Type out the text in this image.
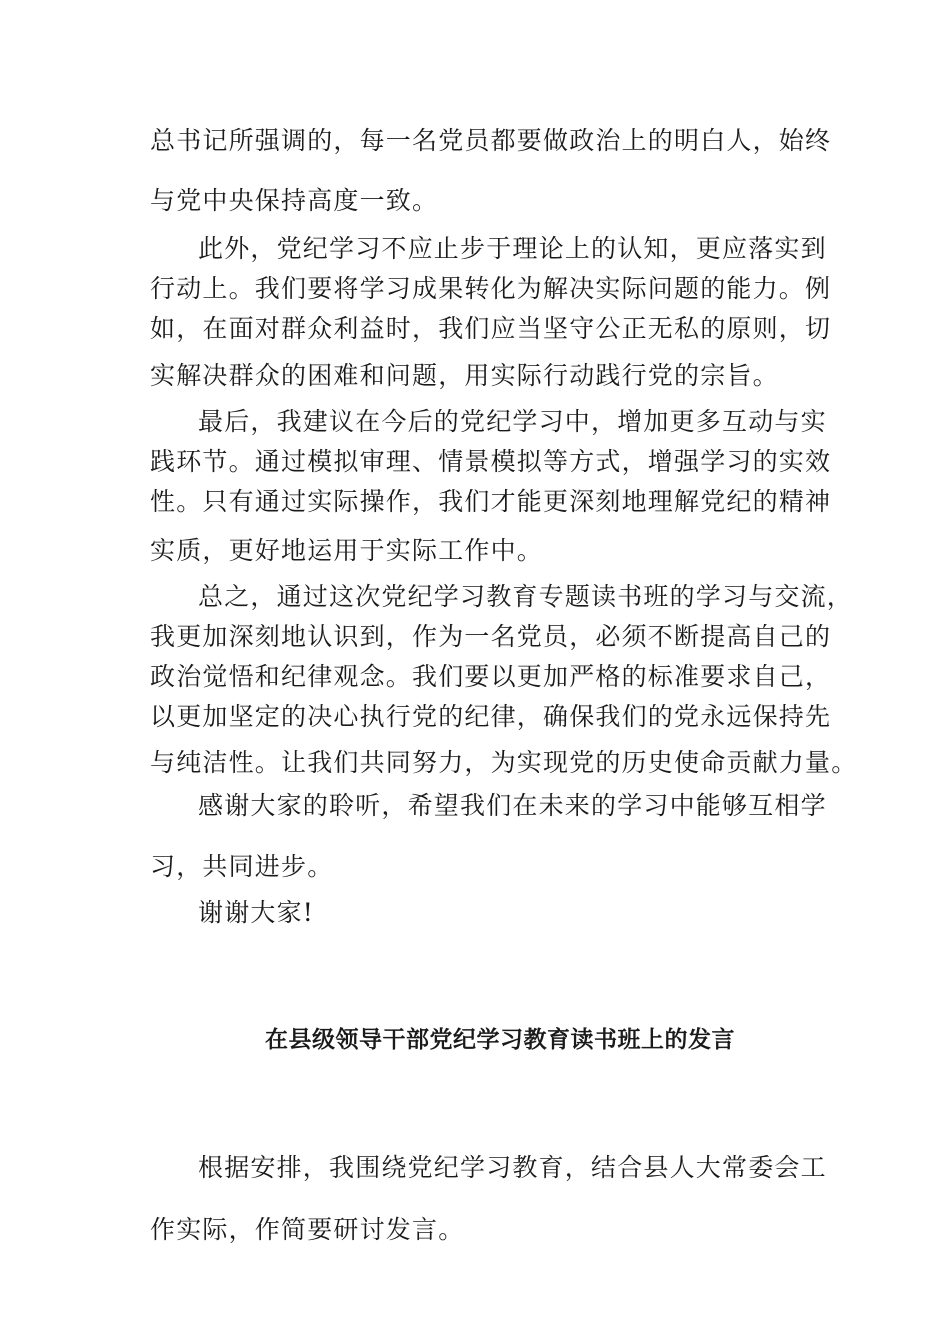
总书记所强调的，每一名党员都要做政治上的明白人，始终
与党中央保持高度一致。
此外，党纪学习不应止步于理论上的认知，更应落实到
行动上。我们要将学习成果转化为解决实际问题的能力。例
如，在面对群众利益时，我们应当坚守公正无私的原则，切
实解决群众的困难和问题，用实际行动践行党的宗旨。
最后，我建议在今后的党纪学习中，增加更多互动与实
践环节。通过模拟审理、情景模拟等方式，增强学习的实效
性。只有通过实际操作，我们才能更深刻地理解党纪的精神
实质，更好地运用于实际工作中。
总之，通过这次党纪学习教育专题读书班的学习与交流，
我更加深刻地认识到，作为一名党员，必须不断提高自己的
政治觉悟和纪律观念。我们要以更加严格的标准要求自己，
以更加坚定的决心执行党的纪律，确保我们的党永远保持先
与纯洁性。让我们共同努力，为实现党的历史使命贡献力量。
感谢大家的聆听，希望我们在未来的学习中能够互相学
习，共同进步。
谢谢大家!
在县级领导干部党纪学习教育读书班上的发言
根据安排，我围绕党纪学习教育，结合县人大常委会工
作实际，作简要研讨发言。
